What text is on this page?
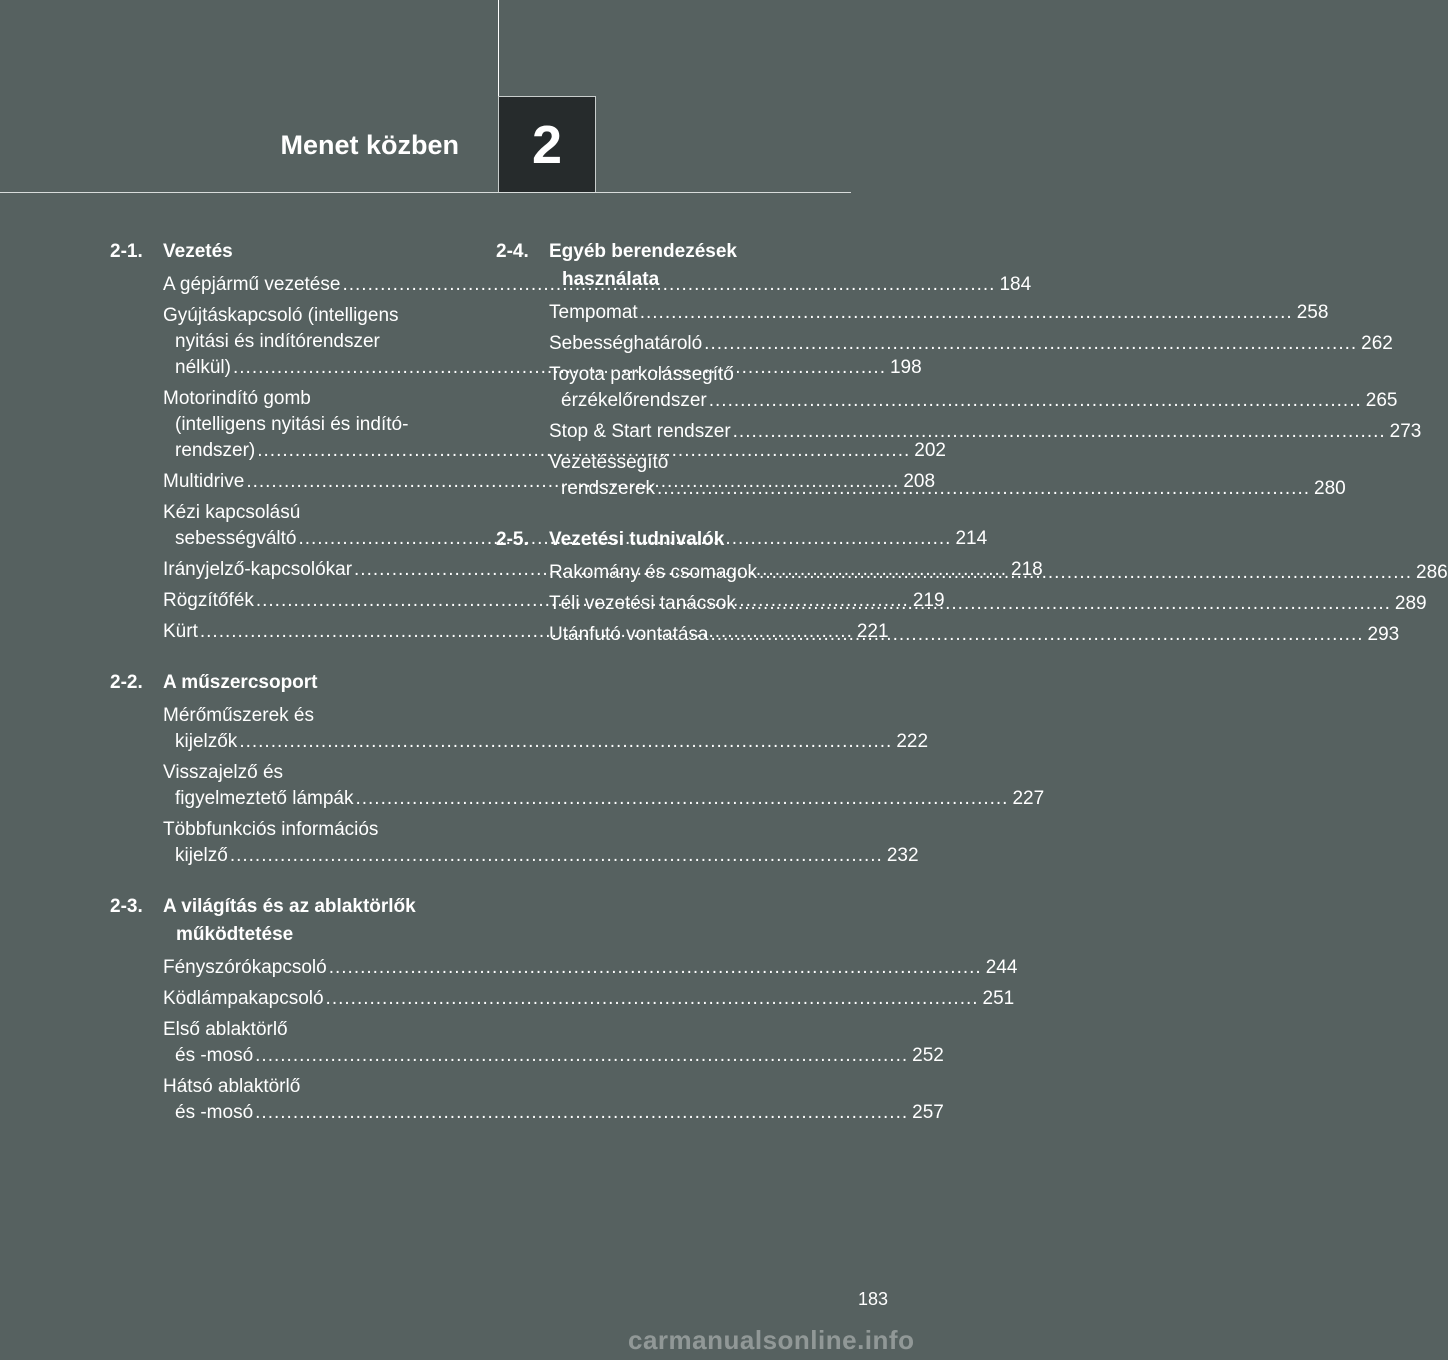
Menet közben 2
2-1.	Vezetés
A gépjármű vezetése .....	184
Gyújtáskapcsoló (intelligens
nyitási és indítórendszer
nélkül) .....	198
Motorindító gomb
(intelligens nyitási és indító-
rendszer) .....	202
Multidrive .....	208
Kézi kapcsolású
sebességváltó .....	214
Irányjelző-kapcsolókar .....	218
Rögzítőfék .....	219
Kürt .....	221
2-2.	A műszercsoport
Mérőműszerek és
kijelzők .....	222
Visszajelző és
figyelmeztető lámpák .....	227
Többfunkciós információs
kijelző .....	232
2-3.	A világítás és az ablaktörlők
működtetése
Fényszórókapcsoló .....	244
Ködlámpakapcsoló .....	251
Első ablaktörlő
és -mosó .....	252
Hátsó ablaktörlő
és -mosó .....	257
2-4.	Egyéb berendezések
használata
Tempomat .....	258
Sebességhatároló .....	262
Toyota parkolássegítő
érzékelőrendszer .....	265
Stop & Start rendszer .....	273
Vezetéssegítő
rendszerek .....	280
2-5.	Vezetési tudnivalók
Rakomány és csomagok .....	286
Téli vezetési tanácsok .....	289
Utánfutó vontatása .....	293
183
carmanualsonline.info
